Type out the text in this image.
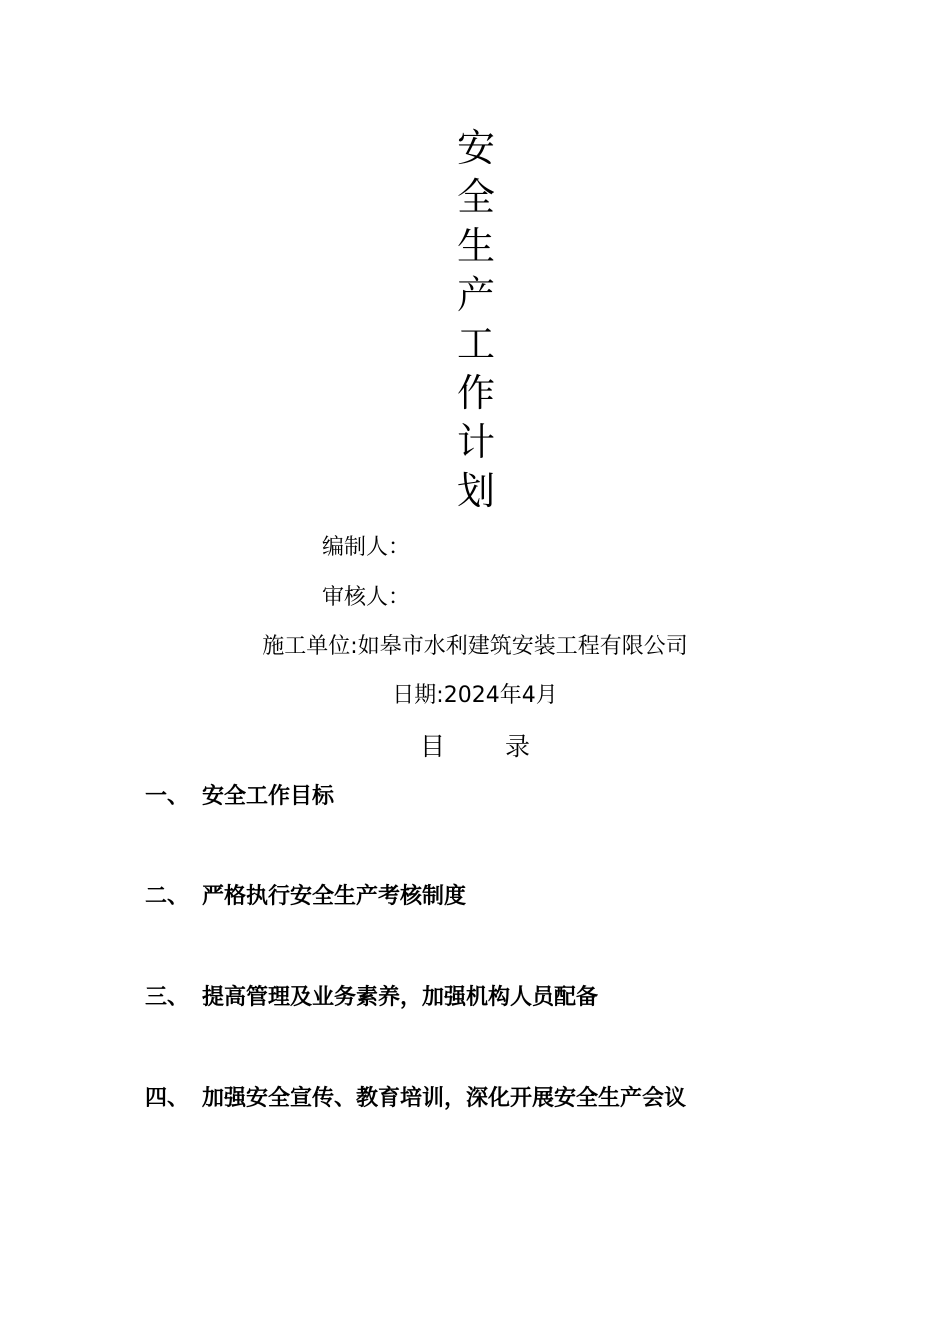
安
全
生
产
工
作
计
划
编制人：
审核人：
施工单位:如皋市水利建筑安装工程有限公司
日期:2024年4月
目录
一、 安全工作目标
二、 严格执行安全生产考核制度
三、 提高管理及业务素养，加强机构人员配备
四、 加强安全宣传、教育培训，深化开展安全生产会议
